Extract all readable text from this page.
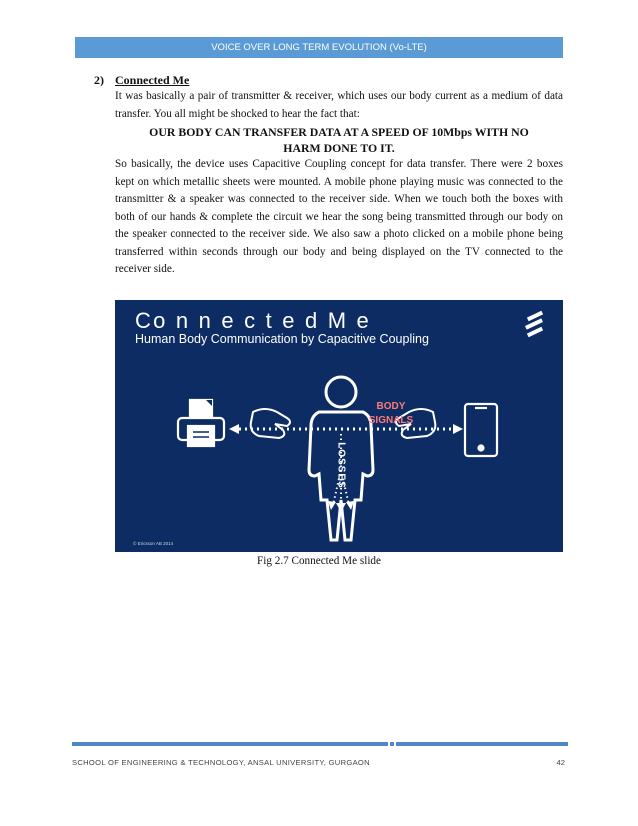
VOICE OVER LONG TERM EVOLUTION (Vo-LTE)
2) Connected Me

It was basically a pair of transmitter & receiver, which uses our body current as a medium of data transfer. You all might be shocked to hear the fact that:

OUR BODY CAN TRANSFER DATA AT A SPEED OF 10Mbps WITH NO
HARM DONE TO IT.

So basically, the device uses Capacitive Coupling concept for data transfer. There were 2 boxes kept on which metallic sheets were mounted. A mobile phone playing music was connected to the transmitter & a speaker was connected to the receiver side. When we touch both the boxes with both of our hands & complete the circuit we hear the song being transmitted through our body on the speaker connected to the receiver side. We also saw a photo clicked on a mobile phone being transferred within seconds through our body and being displayed on the TV connected to the receiver side.

Co n n e c t e d M e
Human Body Communication by Capacitive Coupling
BODY
SIGNALS
LOSSES
© Ericsson AB 2014
Fig 2.7 Connected Me slide
SCHOOL OF ENGINEERING & TECHNOLOGY, ANSAL UNIVERSITY, GURGAON	42
